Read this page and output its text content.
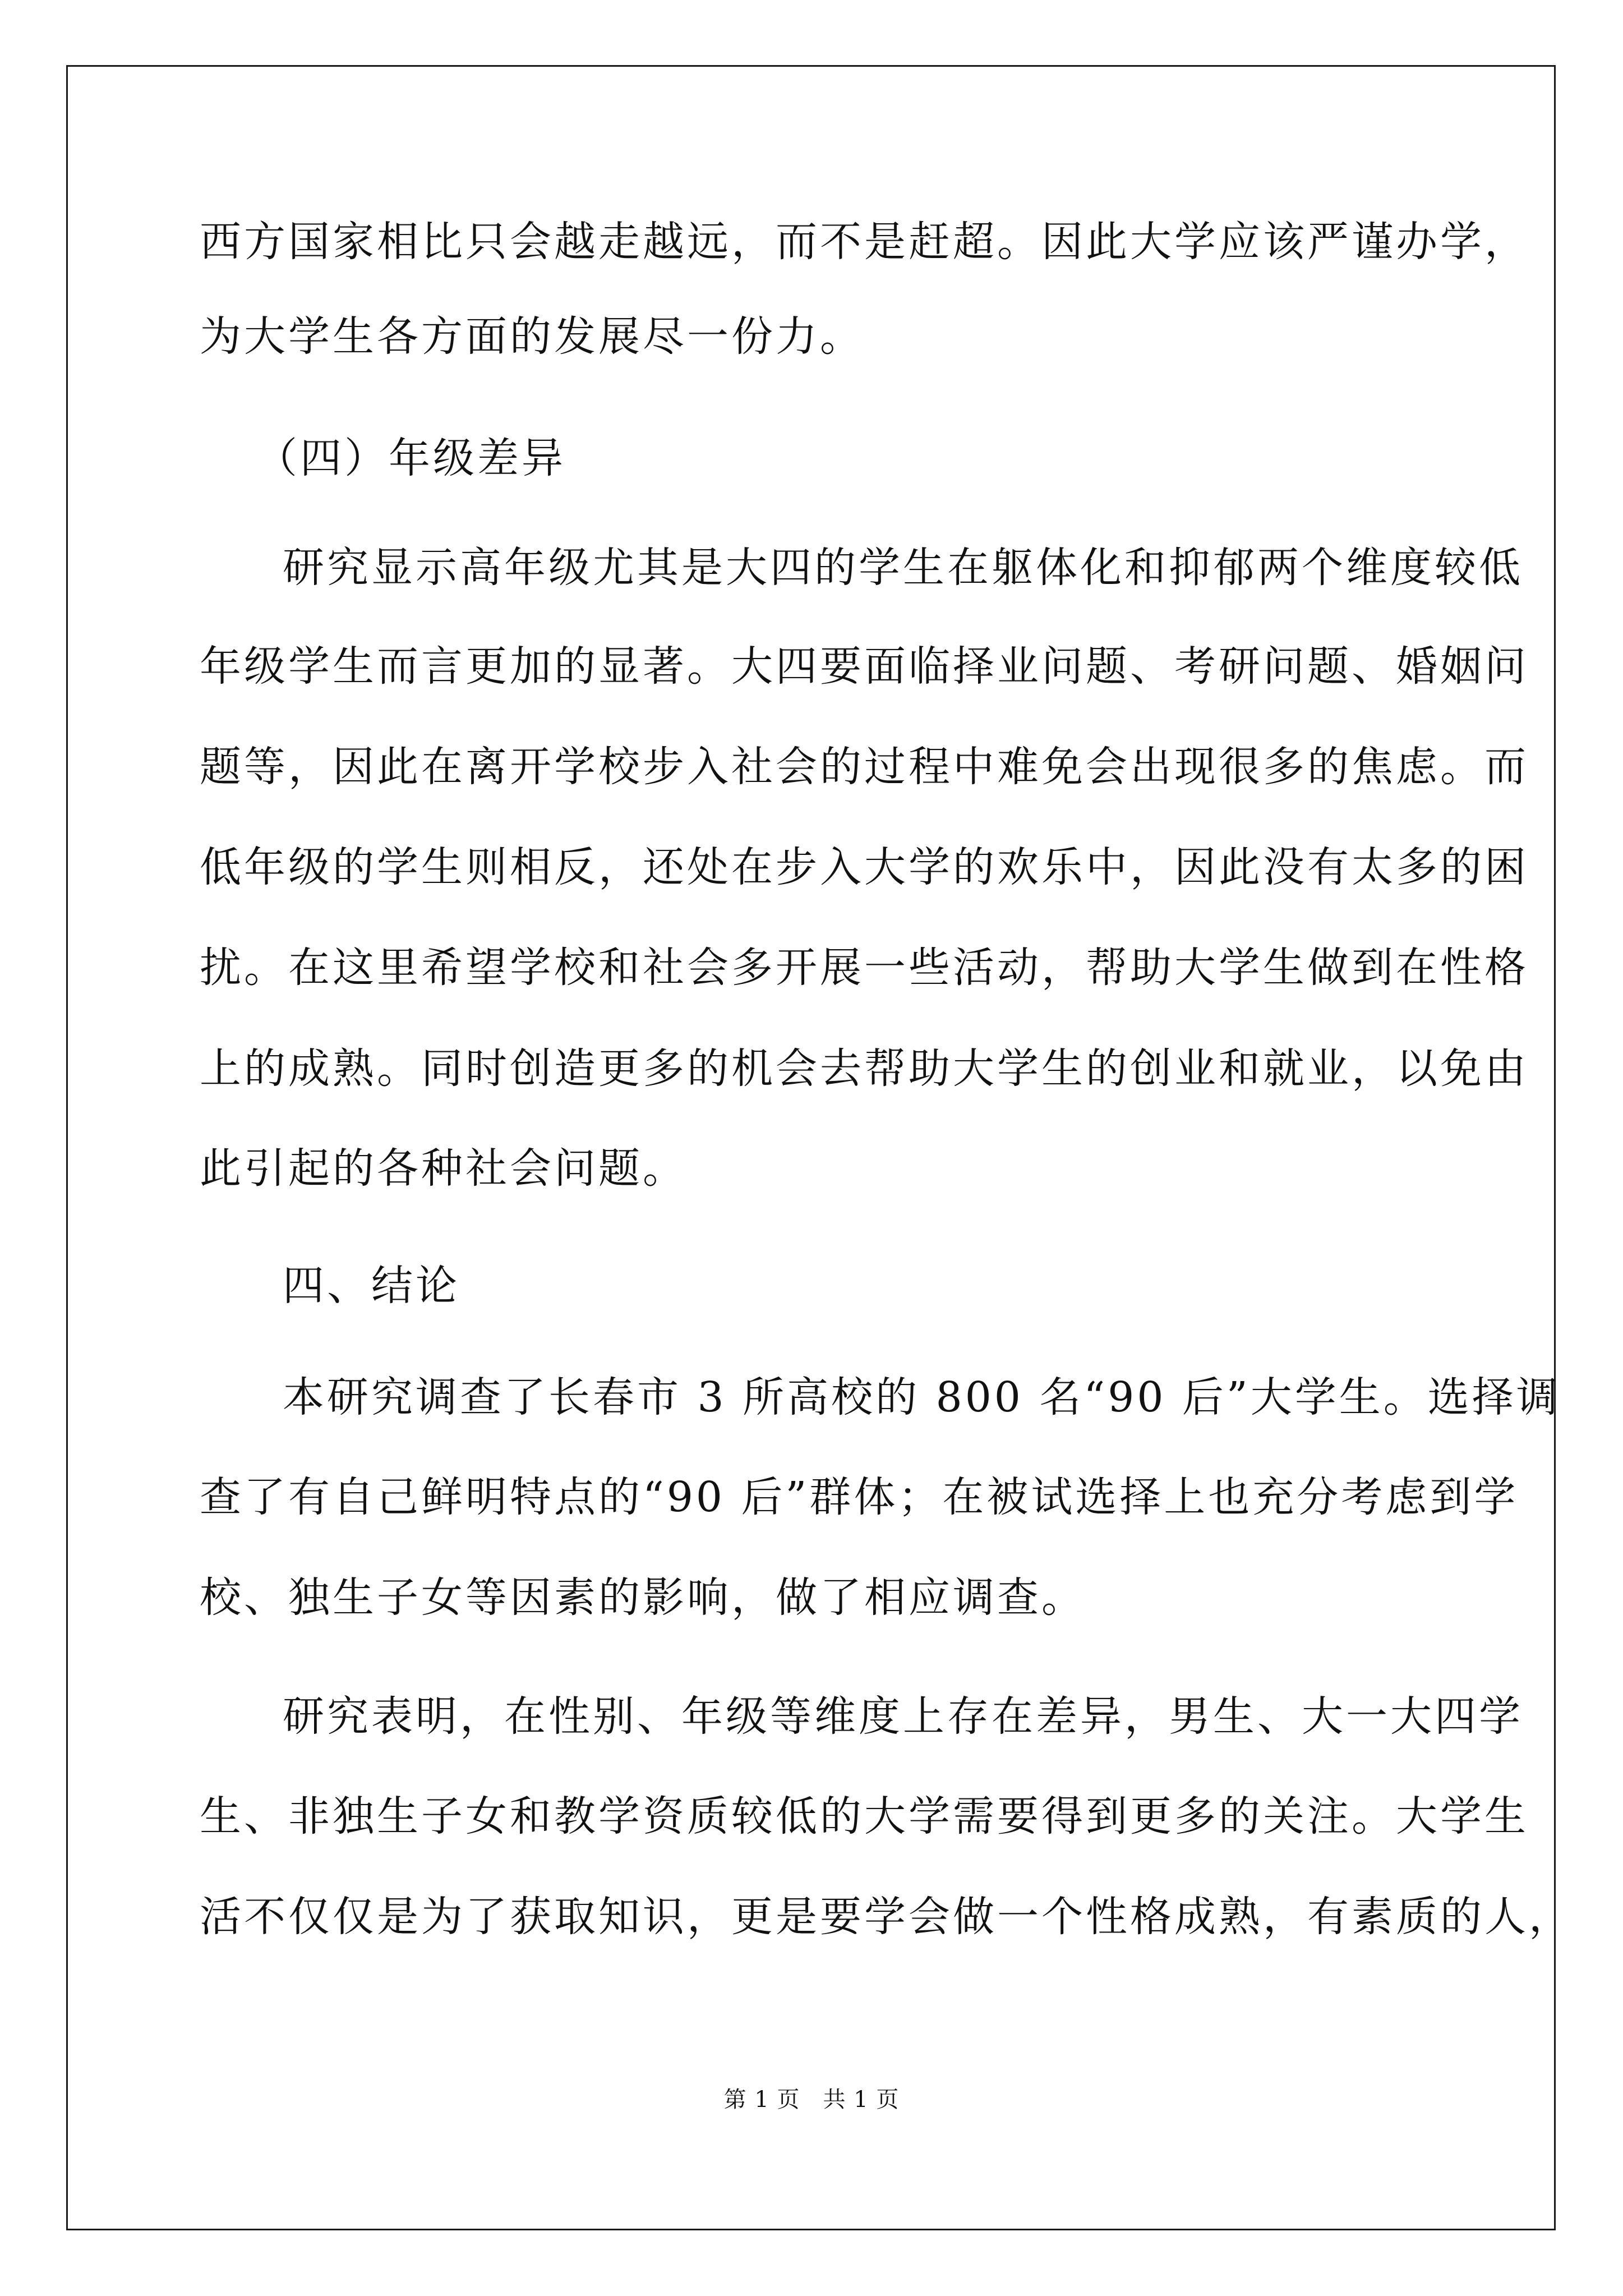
西方国家相比只会越走越远，而不是赶超。因此大学应该严谨办学，
为大学生各方面的发展尽一份力。
（四）年级差异
研究显示高年级尤其是大四的学生在躯体化和抑郁两个维度较低
年级学生而言更加的显著。大四要面临择业问题、考研问题、婚姻问
题等，因此在离开学校步入社会的过程中难免会出现很多的焦虑。而
低年级的学生则相反，还处在步入大学的欢乐中，因此没有太多的困
扰。在这里希望学校和社会多开展一些活动，帮助大学生做到在性格
上的成熟。同时创造更多的机会去帮助大学生的创业和就业，以免由
此引起的各种社会问题。
四、结论
本研究调查了长春市 3 所高校的 800 名“90 后”大学生。选择调
查了有自己鲜明特点的“90 后”群体；在被试选择上也充分考虑到学
校、独生子女等因素的影响，做了相应调查。
研究表明，在性别、年级等维度上存在差异，男生、大一大四学
生、非独生子女和教学资质较低的大学需要得到更多的关注。大学生
活不仅仅是为了获取知识，更是要学会做一个性格成熟，有素质的人，
第 1 页　共 1 页
